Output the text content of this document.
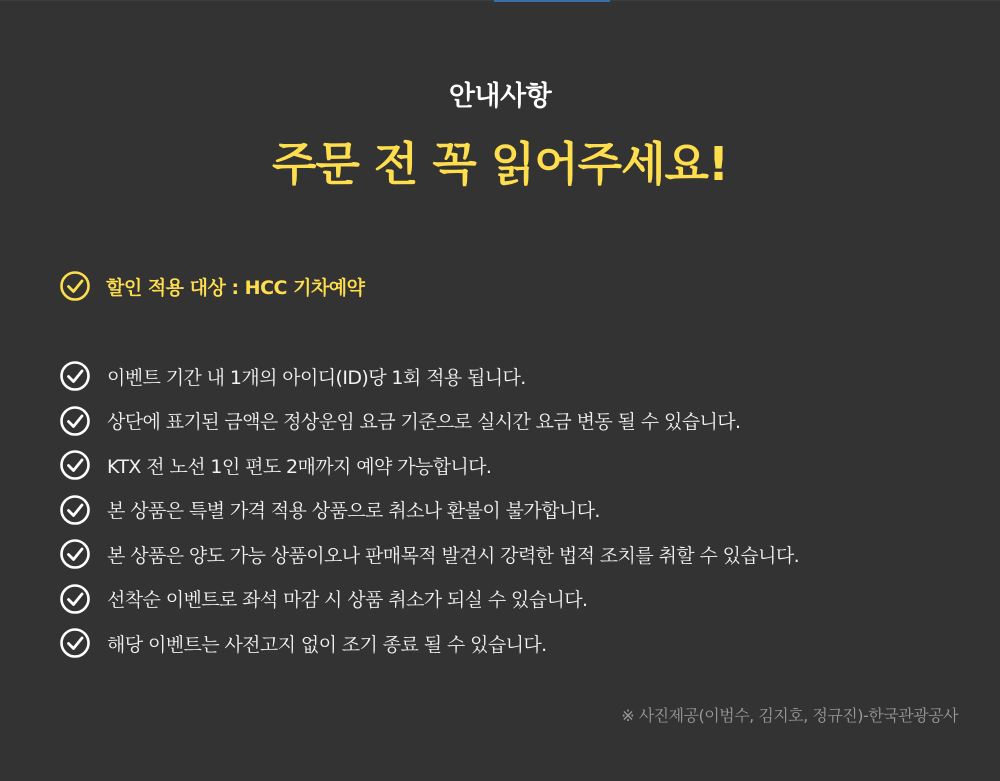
안내사항
주문 전 꼭 읽어주세요!
할인 적용 대상 : HCC 기차예약
이벤트 기간 내 1개의 아이디(ID)당 1회 적용 됩니다.
상단에 표기된 금액은 정상운임 요금 기준으로 실시간 요금 변동 될 수 있습니다.
KTX 전 노선 1인 편도 2매까지 예약 가능합니다.
본 상품은 특별 가격 적용 상품으로 취소나 환불이 불가합니다.
본 상품은 양도 가능 상품이오나 판매목적 발견시 강력한 법적 조치를 취할 수 있습니다.
선착순 이벤트로 좌석 마감 시 상품 취소가 되실 수 있습니다.
해당 이벤트는 사전고지 없이 조기 종료 될 수 있습니다.
※ 사진제공(이범수, 김지호, 정규진)-한국관광공사
